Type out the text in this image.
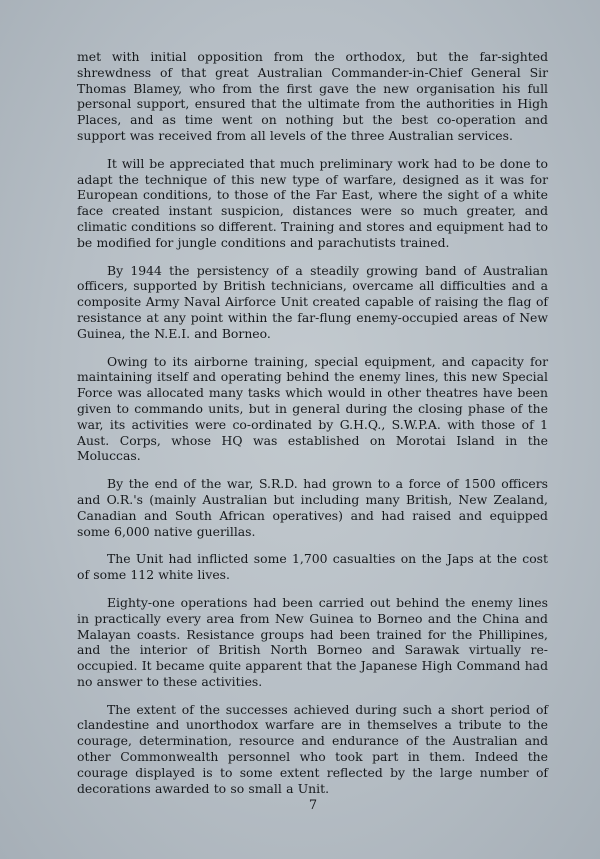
met with initial opposition from the orthodox, but the far-sighted shrewdness of that great Australian Commander-in-Chief General Sir Thomas Blamey, who from the first gave the new organisation his full personal support, ensured that the ultimate from the authorities in High Places, and as time went on nothing but the best co-operation and support was received from all levels of the three Australian services.

It will be appreciated that much preliminary work had to be done to adapt the technique of this new type of warfare, designed as it was for European conditions, to those of the Far East, where the sight of a white face created instant suspicion, distances were so much greater, and climatic conditions so different. Training and stores and equipment had to be modified for jungle conditions and parachutists trained.

By 1944 the persistency of a steadily growing band of Australian officers, supported by British technicians, overcame all difficulties and a composite Army Naval Airforce Unit created capable of raising the flag of resistance at any point within the far-flung enemy-occupied areas of New Guinea, the N.E.I. and Borneo.

Owing to its airborne training, special equipment, and capacity for maintaining itself and operating behind the enemy lines, this new Special Force was allocated many tasks which would in other theatres have been given to commando units, but in general during the closing phase of the war, its activities were co-ordinated by G.H.Q., S.W.P.A. with those of 1 Aust. Corps, whose HQ was established on Morotai Island in the Moluccas.

By the end of the war, S.R.D. had grown to a force of 1500 officers and O.R.'s (mainly Australian but including many British, New Zealand, Canadian and South African operatives) and had raised and equipped some 6,000 native guerillas.

The Unit had inflicted some 1,700 casualties on the Japs at the cost of some 112 white lives.

Eighty-one operations had been carried out behind the enemy lines in practically every area from New Guinea to Borneo and the China and Malayan coasts. Resistance groups had been trained for the Phillipines, and the interior of British North Borneo and Sarawak virtually re-occupied. It became quite apparent that the Japanese High Command had no answer to these activities.

The extent of the successes achieved during such a short period of clandestine and unorthodox warfare are in themselves a tribute to the courage, determination, resource and endurance of the Australian and other Commonwealth personnel who took part in them. Indeed the courage displayed is to some extent reflected by the large number of decorations awarded to so small a Unit.

7
